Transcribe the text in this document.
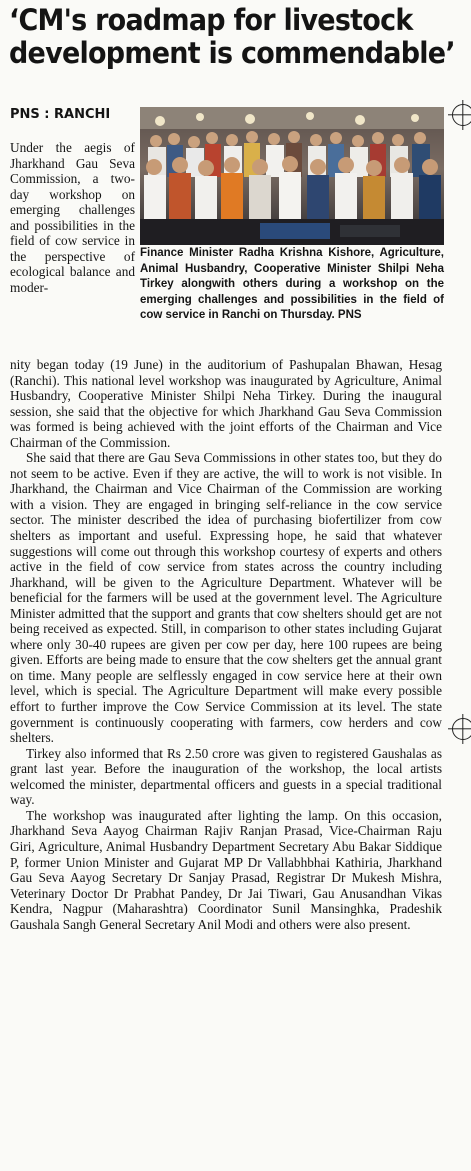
‘CM's roadmap for livestock
development is commendable’
PNS : RANCHI

Finance Minister Radha Krishna Kishore, Agriculture, Animal Husbandry, Cooperative Minister Shilpi Neha Tirkey alongwith others during a workshop on the emerging challenges and possibilities in the field of cow service in Ranchi on Thursday. PNS

Under the aegis of Jharkhand Gau Seva Commission, a two-day workshop on emerging challenges and possibilities in the field of cow service in the perspective of ecological balance and moder-

nity began today (19 June) in the auditorium of Pashupalan Bhawan, Hesag (Ranchi). This national level workshop was inaugurated by Agriculture, Animal Husbandry, Cooperative Minister Shilpi Neha Tirkey. During the inaugural session, she said that the objective for which Jharkhand Gau Seva Commission was formed is being achieved with the joint efforts of the Chairman and Vice Chairman of the Commission.

She said that there are Gau Seva Commissions in other states too, but they do not seem to be active. Even if they are active, the will to work is not visible. In Jharkhand, the Chairman and Vice Chairman of the Commission are working with a vision. They are engaged in bringing self-reliance in the cow service sector. The minister described the idea of purchasing biofertilizer from cow shelters as important and useful. Expressing hope, he said that whatever suggestions will come out through this workshop courtesy of experts and others active in the field of cow service from states across the country including Jharkhand, will be given to the Agriculture Department. Whatever will be beneficial for the farmers will be used at the government level. The Agriculture Minister admitted that the support and grants that cow shelters should get are not being received as expected. Still, in comparison to other states including Gujarat where only 30-40 rupees are given per cow per day, here 100 rupees are being given. Efforts are being made to ensure that the cow shelters get the annual grant on time. Many people are selflessly engaged in cow service here at their own level, which is special. The Agriculture Department will make every possible effort to further improve the Cow Service Commission at its level. The state government is continuously cooperating with farmers, cow herders and cow shelters.

Tirkey also informed that Rs 2.50 crore was given to registered Gaushalas as grant last year. Before the inauguration of the workshop, the local artists welcomed the minister, departmental officers and guests in a special traditional way.

The workshop was inaugurated after lighting the lamp. On this occasion, Jharkhand Seva Aayog Chairman Rajiv Ranjan Prasad, Vice-Chairman Raju Giri, Agriculture, Animal Husbandry Department Secretary Abu Bakar Siddique P, former Union Minister and Gujarat MP Dr Vallabhbhai Kathiria, Jharkhand Gau Seva Aayog Secretary Dr Sanjay Prasad, Registrar Dr Mukesh Mishra, Veterinary Doctor Dr Prabhat Pandey, Dr Jai Tiwari, Gau Anusandhan Vikas Kendra, Nagpur (Maharashtra) Coordinator Sunil Mansinghka, Pradeshik Gaushala Sangh General Secretary Anil Modi and others were also present.
